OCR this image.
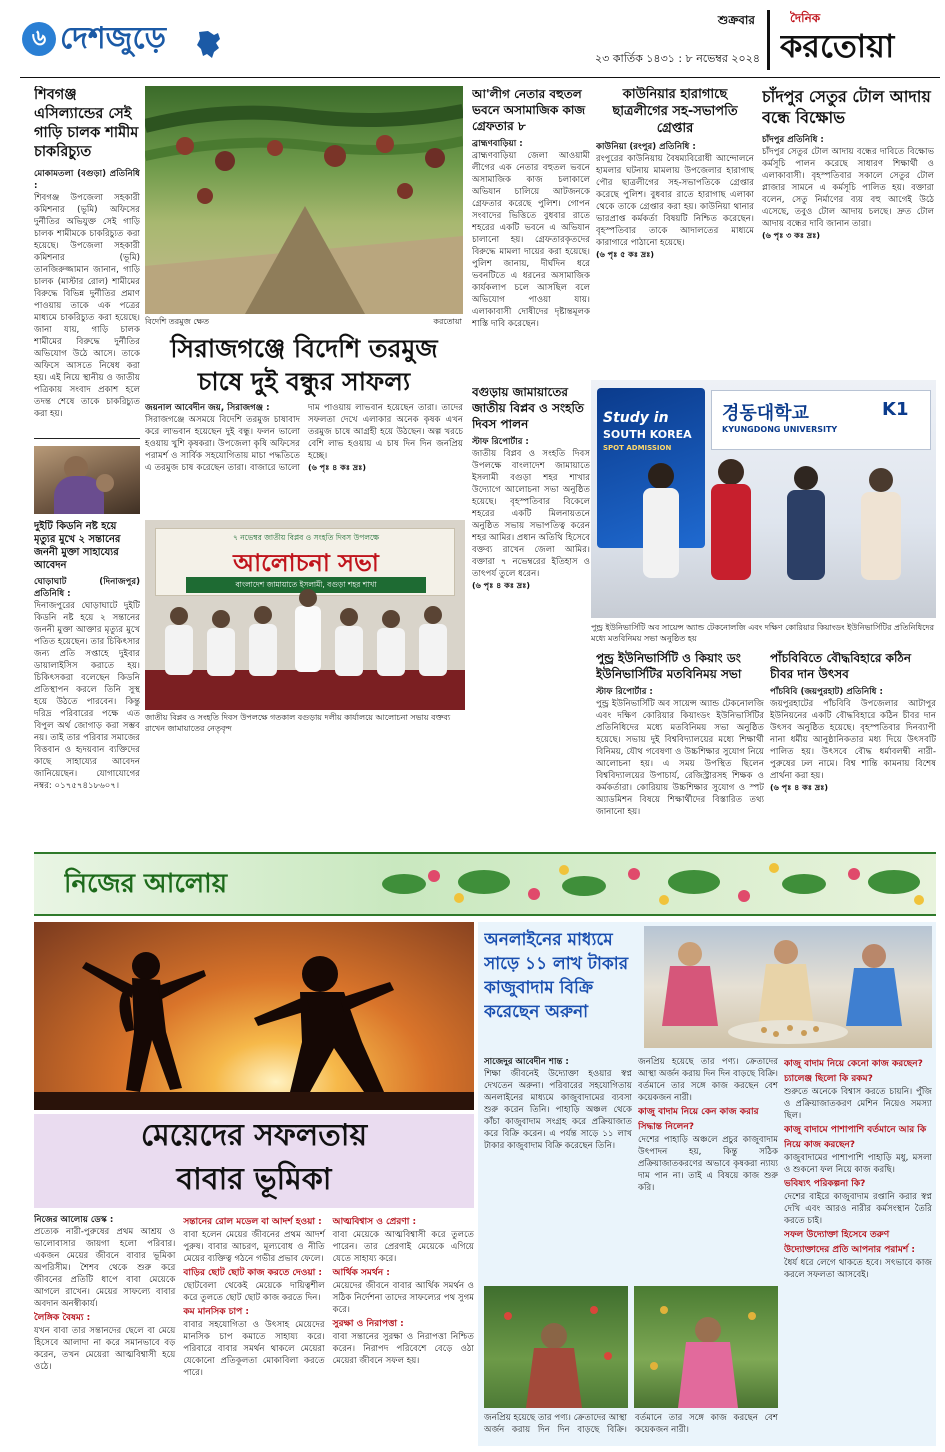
৬ দেশজুড়ে
শুক্রবার
২৩ কার্তিক ১৪৩১ : ৮ নভেম্বর ২০২৪
দৈনিক
করতোয়া
শিবগঞ্জ এসিল্যান্ডের সেই গাড়ি চালক শামীম চাকরিচ্যুত
মোকামতলা (বগুড়া) প্রতিনিধি :
শিবগঞ্জ উপজেলা সহকারী কমিশনার (ভূমি) অফিসের দুর্নীতির অভিযুক্ত সেই গাড়ি চালক শামীমকে চাকরিচ্যুত করা হয়েছে। উপজেলা সহকারী কমিশনার (ভূমি) তানজিরুজ্জামান জানান, গাড়ি চালক (মাস্টার রোল) শামীমের বিরুদ্ধে বিভিন্ন দুর্নীতির প্রমাণ পাওয়ায় তাকে এক পত্রের মাধ্যমে চাকরিচ্যুত করা হয়েছে। জানা যায়, গাড়ি চালক শামীমের বিরুদ্ধে দুর্নীতির অভিযোগ উঠে আসে। তাকে অফিসে আসতে নিষেধ করা হয়। এই নিয়ে স্থানীয় ও জাতীয় পত্রিকায় সংবাদ প্রকাশ হলে তদন্ত শেষে তাকে চাকরিচ্যুত করা হয়।
দুইটি কিডনি নষ্ট হয়ে মৃত্যুর মুখে ২ সন্তানের জননী মুক্তা সাহায্যের আবেদন
ঘোড়াঘাট (দিনাজপুর) প্রতিনিধি :
দিনাজপুরের ঘোড়াঘাটে দুইটি কিডনি নষ্ট হয়ে ২ সন্তানের জননী মুক্তা আক্তার মৃত্যুর মুখে পতিত হয়েছেন। তার চিকিৎসার জন্য প্রতি সপ্তাহে দুইবার ডায়ালাইসিস করাতে হয়। চিকিৎসকরা বলেছেন কিডনি প্রতিস্থাপন করলে তিনি সুস্থ হয়ে উঠতে পারবেন। কিন্তু দরিদ্র পরিবারের পক্ষে এত বিপুল অর্থ জোগাড় করা সম্ভব নয়। তাই তার পরিবার সমাজের বিত্তবান ও হৃদয়বান ব্যক্তিদের কাছে সাহায্যের আবেদন জানিয়েছেন। যোগাযোগের নম্বর: ০১৭৫৭৪১৮৬০৭।
বিদেশি তরমুজ ক্ষেত	করতোয়া
সিরাজগঞ্জে বিদেশি তরমুজ চাষে দুই বন্ধুর সাফল্য
জয়নাল আবেদীন জয়, সিরাজগঞ্জ :
সিরাজগঞ্জে অসময়ে বিদেশি তরমুজ চাষাবাদ করে লাভবান হয়েছেন দুই বন্ধু। ফলন ভালো হওয়ায় খুশি কৃষকরা। উপজেলা কৃষি অফিসের পরামর্শ ও সার্বিক সহযোগিতায় মাচা পদ্ধতিতে এ তরমুজ চাষ করেছেন তারা। বাজারে ভালো দাম পাওয়ায় লাভবান হয়েছেন তারা। তাদের সফলতা দেখে এলাকার অনেক কৃষক এখন তরমুজ চাষে আগ্রহী হয়ে উঠছেন। অল্প খরচে বেশি লাভ হওয়ায় এ চাষ দিন দিন জনপ্রিয় হচ্ছে।
(৬ পৃঃ ৪ কঃ দ্রঃ)
আ'লীগ নেতার বহুতল ভবনে অসামাজিক কাজ গ্রেফতার ৮
ব্রাহ্মণবাড়িয়া :
ব্রাহ্মণবাড়িয়া জেলা আওয়ামী লীগের এক নেতার বহুতল ভবনে অসামাজিক কাজ চলাকালে অভিযান চালিয়ে আটজনকে গ্রেফতার করেছে পুলিশ। গোপন সংবাদের ভিত্তিতে বুধবার রাতে শহরের একটি ভবনে এ অভিযান চালানো হয়। গ্রেফতারকৃতদের বিরুদ্ধে মামলা দায়ের করা হয়েছে। পুলিশ জানায়, দীর্ঘদিন ধরে ভবনটিতে এ ধরনের অসামাজিক কার্যকলাপ চলে আসছিল বলে অভিযোগ পাওয়া যায়। এলাকাবাসী দোষীদের দৃষ্টান্তমূলক শাস্তি দাবি করেছেন।
কাউনিয়ার হারাগাছে ছাত্রলীগের সহ-সভাপতি গ্রেপ্তার
কাউনিয়া (রংপুর) প্রতিনিধি :
রংপুরের কাউনিয়ায় বৈষম্যবিরোধী আন্দোলনে হামলার ঘটনায় মামলায় উপজেলার হারাগাছ পৌর ছাত্রলীগের সহ-সভাপতিকে গ্রেপ্তার করেছে পুলিশ। বুধবার রাতে হারাগাছ এলাকা থেকে তাকে গ্রেপ্তার করা হয়। কাউনিয়া থানার ভারপ্রাপ্ত কর্মকর্তা বিষয়টি নিশ্চিত করেছেন। বৃহস্পতিবার তাকে আদালতের মাধ্যমে কারাগারে পাঠানো হয়েছে।
(৬ পৃঃ ৫ কঃ দ্রঃ)
চাঁদপুর সেতুর টোল আদায় বন্ধে বিক্ষোভ
চাঁদপুর প্রতিনিধি :
চাঁদপুর সেতুর টোল আদায় বন্ধের দাবিতে বিক্ষোভ কর্মসূচি পালন করেছে সাধারণ শিক্ষার্থী ও এলাকাবাসী। বৃহস্পতিবার সকালে সেতুর টোল প্লাজার সামনে এ কর্মসূচি পালিত হয়। বক্তারা বলেন, সেতু নির্মাণের ব্যয় বহু আগেই উঠে এসেছে, তবুও টোল আদায় চলছে। দ্রুত টোল আদায় বন্ধের দাবি জানান তারা।
(৬ পৃঃ ৩ কঃ দ্রঃ)
Study in
SOUTH KOREA
SPOT ADMISSION
경동대학교
KYUNGDONG UNIVERSITY
K1
পুন্ড্র ইউনিভার্সিটি অব সায়েন্স অ্যান্ড টেকনোলজি এবং দক্ষিণ কোরিয়ার কিয়াংডং ইউনিভার্সিটির প্রতিনিধিদের মধ্যে মতবিনিময় সভা অনুষ্ঠিত হয়
বগুড়ায় জামায়াতের জাতীয় বিপ্লব ও সংহতি দিবস পালন
স্টাফ রিপোর্টার :
জাতীয় বিপ্লব ও সংহতি দিবস উপলক্ষে বাংলাদেশ জামায়াতে ইসলামী বগুড়া শহর শাখার উদ্যোগে আলোচনা সভা অনুষ্ঠিত হয়েছে। বৃহস্পতিবার বিকেলে শহরের একটি মিলনায়তনে অনুষ্ঠিত সভায় সভাপতিত্ব করেন শহর আমির। প্রধান অতিথি হিসেবে বক্তব্য রাখেন জেলা আমির। বক্তারা ৭ নভেম্বরের ইতিহাস ও তাৎপর্য তুলে ধরেন।
(৬ পৃঃ ৪ কঃ দ্রঃ)
৭ নভেম্বর জাতীয় বিপ্লব ও সংহতি দিবস উপলক্ষে
আলোচনা সভা
বাংলাদেশ জামায়াতে ইসলামী, বগুড়া শহর শাখা
জাতীয় বিপ্লব ও সংহতি দিবস উপলক্ষে গতকাল বগুড়ায় দলীয় কার্যালয়ে আলোচনা সভায় বক্তব্য রাখেন জামায়াতের নেতৃবৃন্দ
পুন্ড্র ইউনিভার্সিটি ও কিয়াং ডং ইউনিভার্সিটির মতবিনিময় সভা
স্টাফ রিপোর্টার :
পুন্ড্র ইউনিভার্সিটি অব সায়েন্স অ্যান্ড টেকনোলজি এবং দক্ষিণ কোরিয়ার কিয়াংডং ইউনিভার্সিটির প্রতিনিধিদের মধ্যে মতবিনিময় সভা অনুষ্ঠিত হয়েছে। সভায় দুই বিশ্ববিদ্যালয়ের মধ্যে শিক্ষার্থী বিনিময়, যৌথ গবেষণা ও উচ্চশিক্ষার সুযোগ নিয়ে আলোচনা হয়। এ সময় উপস্থিত ছিলেন বিশ্ববিদ্যালয়ের উপাচার্য, রেজিস্ট্রারসহ শিক্ষক ও কর্মকর্তারা। কোরিয়ায় উচ্চশিক্ষার সুযোগ ও স্পট অ্যাডমিশন বিষয়ে শিক্ষার্থীদের বিস্তারিত তথ্য জানানো হয়।
পাঁচবিবিতে বৌদ্ধবিহারে কঠিন চীবর দান উৎসব
পাঁচবিবি (জয়পুরহাট) প্রতিনিধি :
জয়পুরহাটের পাঁচবিবি উপজেলার আটাপুর ইউনিয়নের একটি বৌদ্ধবিহারে কঠিন চীবর দান উৎসব অনুষ্ঠিত হয়েছে। বৃহস্পতিবার দিনব্যাপী নানা ধর্মীয় আনুষ্ঠানিকতার মধ্য দিয়ে উৎসবটি পালিত হয়। উৎসবে বৌদ্ধ ধর্মাবলম্বী নারী-পুরুষের ঢল নামে। বিশ্ব শান্তি কামনায় বিশেষ প্রার্থনা করা হয়।
(৬ পৃঃ ৪ কঃ দ্রঃ)
নিজের আলোয়
মেয়েদের সফলতায়
বাবার ভূমিকা
নিজের আলোয় ডেস্ক :
প্রত্যেক নারী-পুরুষের প্রথম আশ্রয় ও ভালোবাসার জায়গা হলো পরিবার। একজন মেয়ের জীবনে বাবার ভূমিকা অপরিসীম। শৈশব থেকে শুরু করে জীবনের প্রতিটি ধাপে বাবা মেয়েকে আগলে রাখেন। মেয়ের সাফল্যে বাবার অবদান অনস্বীকার্য।
লৈঙ্গিক বৈষম্য :
যখন বাবা তার সন্তানদের ছেলে বা মেয়ে হিসেবে আলাদা না করে সমানভাবে বড় করেন, তখন মেয়েরা আত্মবিশ্বাসী হয়ে ওঠে।
সন্তানের রোল মডেল বা আদর্শ হওয়া :
বাবা হলেন মেয়ের জীবনের প্রথম আদর্শ পুরুষ। বাবার আচরণ, মূল্যবোধ ও নীতি মেয়ের ব্যক্তিত্ব গঠনে গভীর প্রভাব ফেলে।
বাড়ির ছোট ছোট কাজ করতে দেওয়া :
ছোটবেলা থেকেই মেয়েকে দায়িত্বশীল করে তুলতে ছোট ছোট কাজ করতে দিন।
কম মানসিক চাপ :
বাবার সহযোগিতা ও উৎসাহ মেয়েদের মানসিক চাপ কমাতে সাহায্য করে। পরিবারে বাবার সমর্থন থাকলে মেয়েরা যেকোনো প্রতিকূলতা মোকাবিলা করতে পারে।
আত্মবিশ্বাস ও প্রেরণা :
বাবা মেয়েকে আত্মবিশ্বাসী করে তুলতে পারেন। তার প্রেরণাই মেয়েকে এগিয়ে যেতে সাহায্য করে।
আর্থিক সমর্থন :
মেয়েদের জীবনে বাবার আর্থিক সমর্থন ও সঠিক নির্দেশনা তাদের সাফল্যের পথ সুগম করে।
সুরক্ষা ও নিরাপত্তা :
বাবা সন্তানের সুরক্ষা ও নিরাপত্তা নিশ্চিত করেন। নিরাপদ পরিবেশে বেড়ে ওঠা মেয়েরা জীবনে সফল হয়।
অনলাইনের মাধ্যমে সাড়ে ১১ লাখ টাকার কাজুবাদাম বিক্রি করেছেন অরুনা
সাজেদুর আবেদীন শান্ত :
শিক্ষা জীবনেই উদ্যোক্তা হওয়ার স্বপ্ন দেখতেন অরুনা। পরিবারের সহযোগিতায় অনলাইনের মাধ্যমে কাজুবাদামের ব্যবসা শুরু করেন তিনি। পাহাড়ি অঞ্চল থেকে কাঁচা কাজুবাদাম সংগ্রহ করে প্রক্রিয়াজাত করে বিক্রি করেন। এ পর্যন্ত সাড়ে ১১ লাখ টাকার কাজুবাদাম বিক্রি করেছেন তিনি।
জনপ্রিয় হয়েছে তার পণ্য। ক্রেতাদের আস্থা অর্জন করায় দিন দিন বাড়ছে বিক্রি। বর্তমানে তার সঙ্গে কাজ করছেন বেশ কয়েকজন নারী।
কাজু বাদাম নিয়ে কেন কাজ করার সিদ্ধান্ত নিলেন?
দেশের পাহাড়ি অঞ্চলে প্রচুর কাজুবাদাম উৎপাদন হয়, কিন্তু সঠিক প্রক্রিয়াজাতকরণের অভাবে কৃষকরা ন্যায্য দাম পান না। তাই এ বিষয়ে কাজ শুরু করি।
কাজু বাদাম নিয়ে কেনো কাজ করছেন?
চ্যালেঞ্জ ছিলো কি রকম?
শুরুতে অনেকে বিশ্বাস করতে চায়নি। পুঁজি ও প্রক্রিয়াজাতকরণ মেশিন নিয়েও সমস্যা ছিল।
কাজু বাদামে পাশাপাশি বর্তমানে আর কি নিয়ে কাজ করছেন?
কাজুবাদামের পাশাপাশি পাহাড়ি মধু, মসলা ও শুকনো ফল নিয়ে কাজ করছি।
ভবিষ্যৎ পরিকল্পনা কি?
দেশের বাইরে কাজুবাদাম রপ্তানি করার স্বপ্ন দেখি এবং আরও নারীর কর্মসংস্থান তৈরি করতে চাই।
সফল উদ্যোক্তা হিসেবে তরুণ উদ্যোক্তাদের প্রতি আপনার পরামর্শ :
ধৈর্য ধরে লেগে থাকতে হবে। সৎভাবে কাজ করলে সফলতা আসবেই।
জনপ্রিয় হয়েছে তার পণ্য। ক্রেতাদের আস্থা অর্জন করায় দিন দিন বাড়ছে বিক্রি। বর্তমানে তার সঙ্গে কাজ করছেন বেশ কয়েকজন নারী।
